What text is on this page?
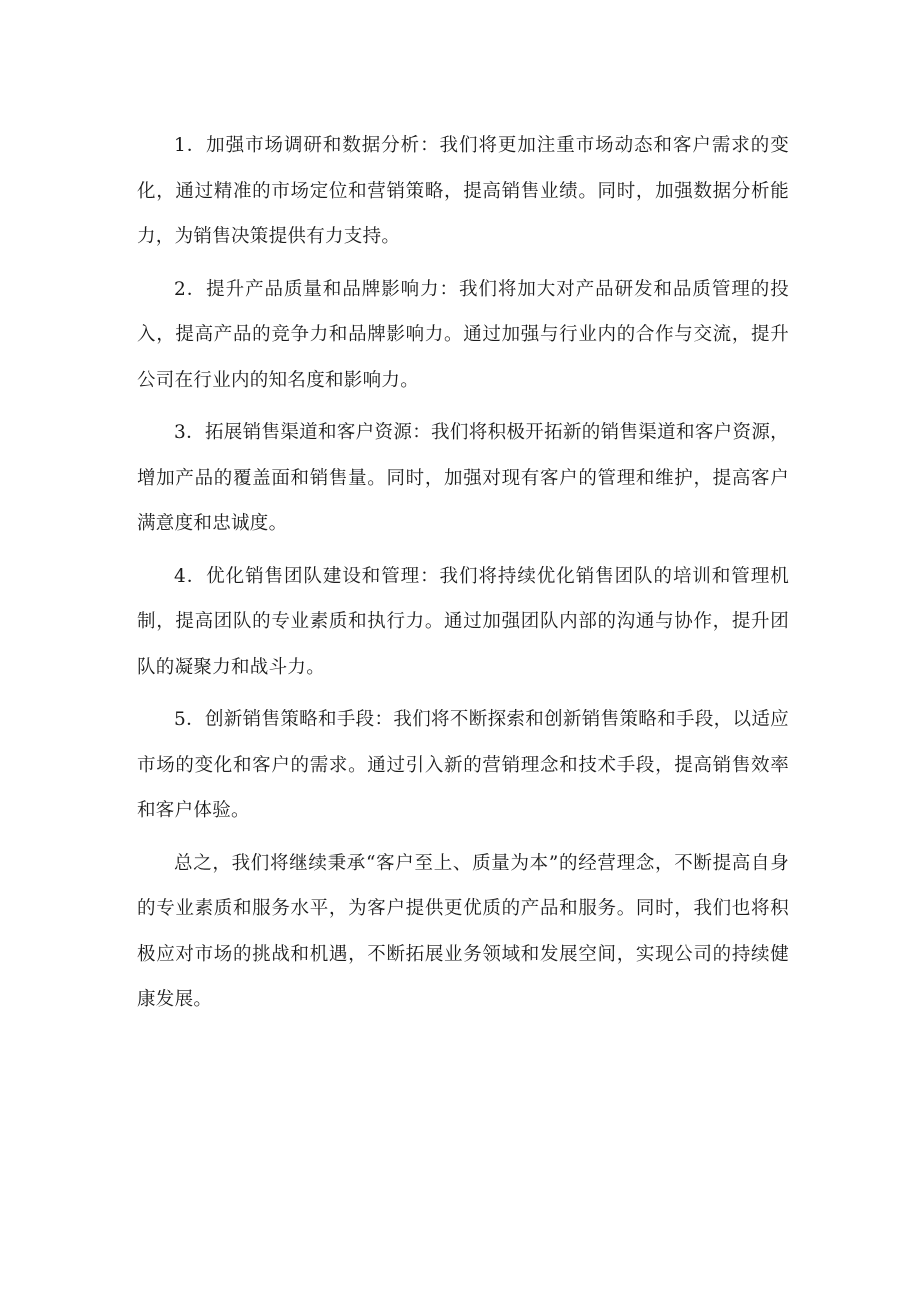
1．加强市场调研和数据分析：我们将更加注重市场动态和客户需求的变化，通过精准的市场定位和营销策略，提高销售业绩。同时，加强数据分析能力，为销售决策提供有力支持。

2．提升产品质量和品牌影响力：我们将加大对产品研发和品质管理的投入，提高产品的竞争力和品牌影响力。通过加强与行业内的合作与交流，提升公司在行业内的知名度和影响力。

3．拓展销售渠道和客户资源：我们将积极开拓新的销售渠道和客户资源，增加产品的覆盖面和销售量。同时，加强对现有客户的管理和维护，提高客户满意度和忠诚度。

4．优化销售团队建设和管理：我们将持续优化销售团队的培训和管理机制，提高团队的专业素质和执行力。通过加强团队内部的沟通与协作，提升团队的凝聚力和战斗力。

5．创新销售策略和手段：我们将不断探索和创新销售策略和手段，以适应市场的变化和客户的需求。通过引入新的营销理念和技术手段，提高销售效率和客户体验。

总之，我们将继续秉承“客户至上、质量为本”的经营理念，不断提高自身的专业素质和服务水平，为客户提供更优质的产品和服务。同时，我们也将积极应对市场的挑战和机遇，不断拓展业务领域和发展空间，实现公司的持续健康发展。
